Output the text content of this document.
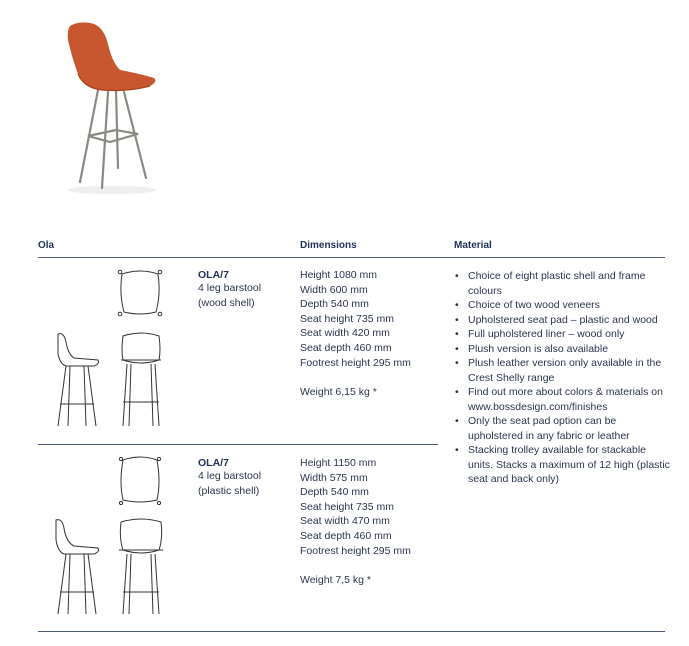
Ola	Dimensions	Material
OLA/7
4 leg barstool
(wood shell)
Height 1080 mm
Width 600 mm
Depth 540 mm
Seat height 735 mm
Seat width 420 mm
Seat depth 460 mm
Footrest height 295 mm
Weight 6,15 kg *
OLA/7
4 leg barstool
(plastic shell)
Height 1150 mm
Width 575 mm
Depth 540 mm
Seat height 735 mm
Seat width 470 mm
Seat depth 460 mm
Footrest height 295 mm
Weight 7,5 kg *
• Choice of eight plastic shell and frame colours
• Choice of two wood veneers
• Upholstered seat pad – plastic and wood
• Full upholstered liner – wood only
• Plush version is also available
• Plush leather version only available in the Crest Shelly range
• Find out more about colors & materials on www.bossdesign.com/finishes
• Only the seat pad option can be upholstered in any fabric or leather
• Stacking trolley available for stackable units. Stacks a maximum of 12 high (plastic seat and back only)
